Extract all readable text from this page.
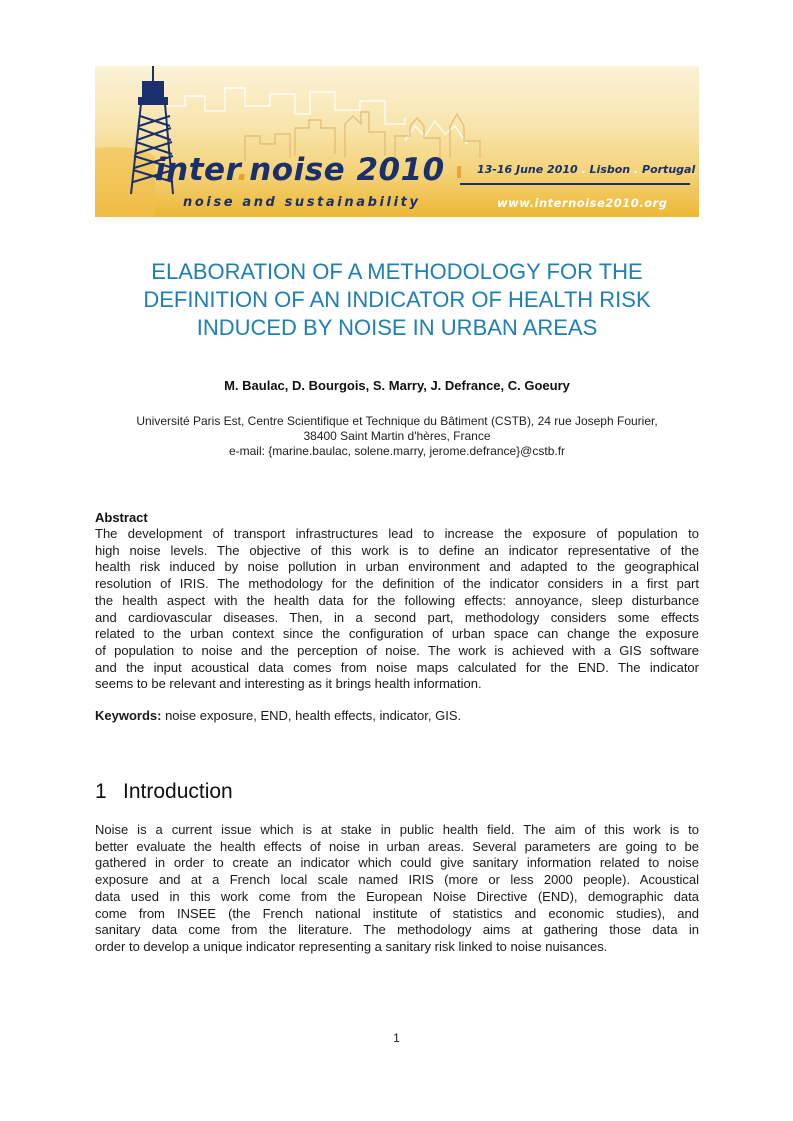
inter.noise 2010	13-16 June 2010 . Lisbon . Portugal
noise and sustainability	www.internoise2010.org
ELABORATION OF A METHODOLOGY FOR THE
DEFINITION OF AN INDICATOR OF HEALTH RISK
INDUCED BY NOISE IN URBAN AREAS
M. Baulac, D. Bourgois, S. Marry, J. Defrance, C. Goeury
Université Paris Est, Centre Scientifique et Technique du Bâtiment (CSTB), 24 rue Joseph Fourier,
38400 Saint Martin d'hères, France
e-mail: {marine.baulac, solene.marry, jerome.defrance}@cstb.fr
Abstract
The development of transport infrastructures lead to increase the exposure of population to
high noise levels. The objective of this work is to define an indicator representative of the
health risk induced by noise pollution in urban environment and adapted to the geographical
resolution of IRIS. The methodology for the definition of the indicator considers in a first part
the health aspect with the health data for the following effects: annoyance, sleep disturbance
and cardiovascular diseases. Then, in a second part, methodology considers some effects
related to the urban context since the configuration of urban space can change the exposure
of population to noise and the perception of noise. The work is achieved with a GIS software
and the input acoustical data comes from noise maps calculated for the END. The indicator
seems to be relevant and interesting as it brings health information.
Keywords: noise exposure, END, health effects, indicator, GIS.
1 Introduction
Noise is a current issue which is at stake in public health field. The aim of this work is to
better evaluate the health effects of noise in urban areas. Several parameters are going to be
gathered in order to create an indicator which could give sanitary information related to noise
exposure and at a French local scale named IRIS (more or less 2000 people). Acoustical
data used in this work come from the European Noise Directive (END), demographic data
come from INSEE (the French national institute of statistics and economic studies), and
sanitary data come from the literature. The methodology aims at gathering those data in
order to develop a unique indicator representing a sanitary risk linked to noise nuisances.
1
